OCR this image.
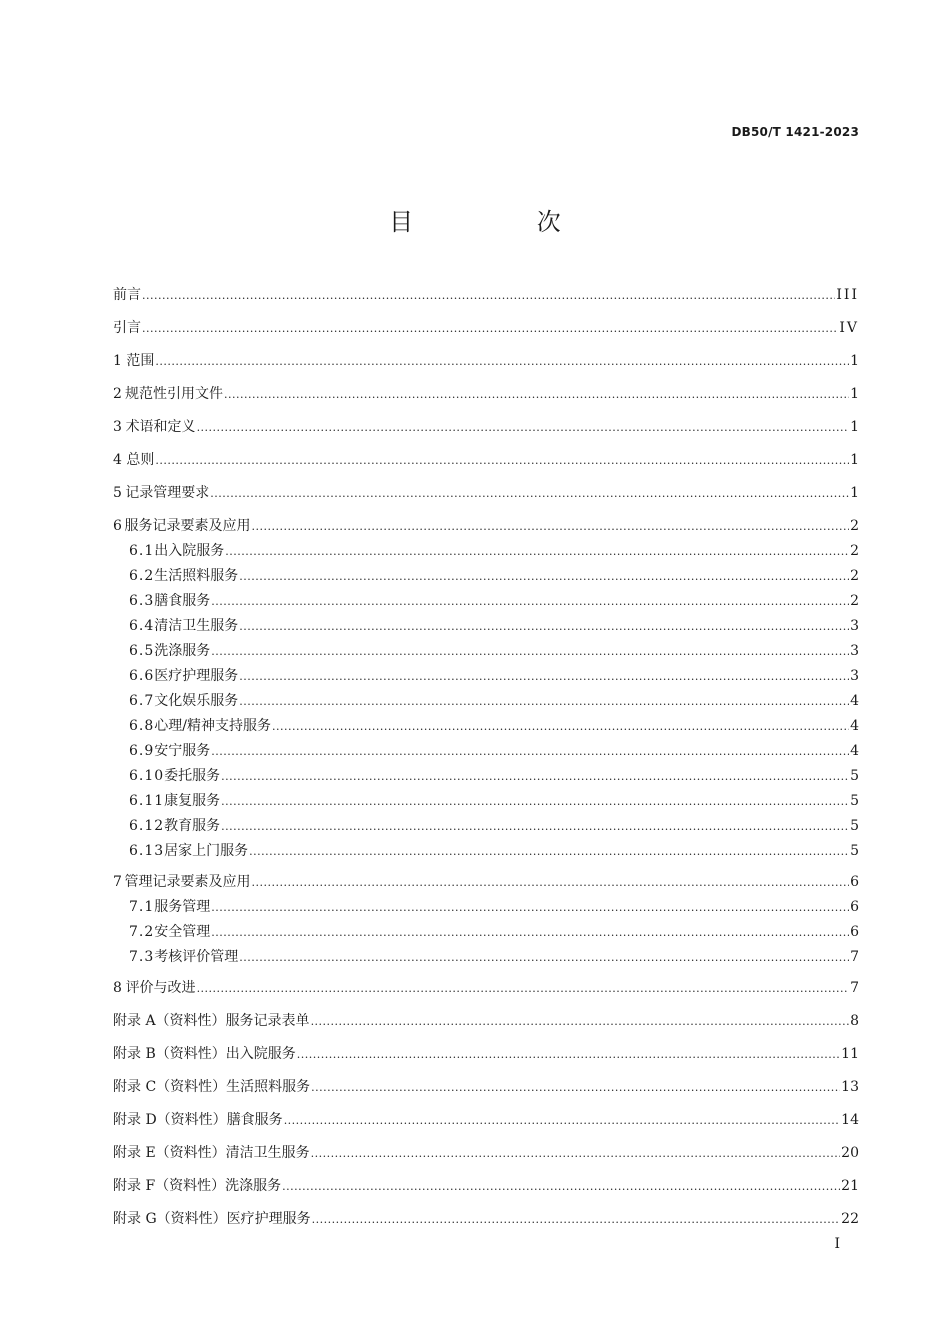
DB50/T 1421-2023
目 次
前言 .....	III
引言 .....	IV
1 范围 .....	1
2 规范性引用文件 .....	1
3 术语和定义 .....	1
4 总则 .....	1
5 记录管理要求 .....	1
6 服务记录要素及应用 .....	2
6.1 出入院服务 .....	2
6.2 生活照料服务 .....	2
6.3 膳食服务 .....	2
6.4 清洁卫生服务 .....	3
6.5 洗涤服务 .....	3
6.6 医疗护理服务 .....	3
6.7 文化娱乐服务 .....	4
6.8 心理/精神支持服务 .....	4
6.9 安宁服务 .....	4
6.10 委托服务 .....	5
6.11 康复服务 .....	5
6.12 教育服务 .....	5
6.13 居家上门服务 .....	5
7 管理记录要素及应用 .....	6
7.1 服务管理 .....	6
7.2 安全管理 .....	6
7.3 考核评价管理 .....	7
8 评价与改进 .....	7
附录 A（资料性） 服务记录表单 .....	8
附录 B（资料性） 出入院服务 .....	11
附录 C（资料性） 生活照料服务 .....	13
附录 D（资料性） 膳食服务 .....	14
附录 E（资料性） 清洁卫生服务 .....	20
附录 F（资料性） 洗涤服务 .....	21
附录 G（资料性） 医疗护理服务 .....	22
I
